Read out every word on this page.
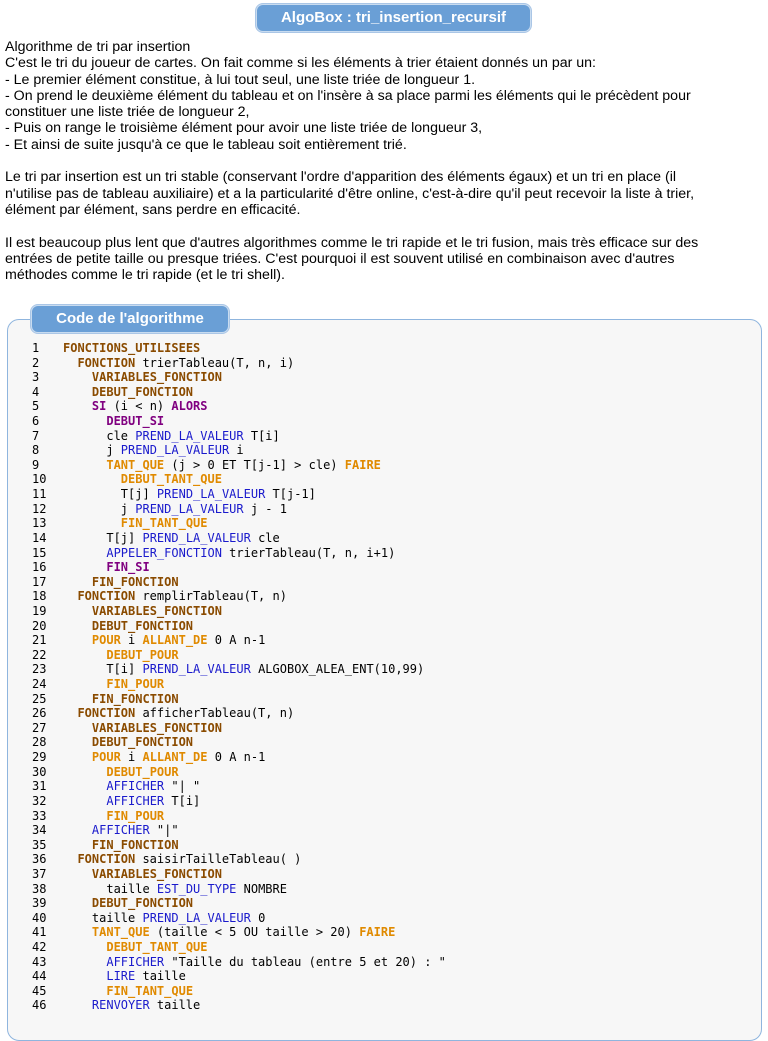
AlgoBox : tri_insertion_recursif

Algorithme de tri par insertion

C'est le tri du joueur de cartes. On fait comme si les éléments à trier étaient donnés un par un:

- Le premier élément constitue, à lui tout seul, une liste triée de longueur 1.

- On prend le deuxième élément du tableau et on l'insère à sa place parmi les éléments qui le précèdent pour

constituer une liste triée de longueur 2,

- Puis on range le troisième élément pour avoir une liste triée de longueur 3,

- Et ainsi de suite jusqu'à ce que le tableau soit entièrement trié.

Le tri par insertion est un tri stable (conservant l'ordre d'apparition des éléments égaux) et un tri en place (il

n'utilise pas de tableau auxiliaire) et a la particularité d'être online, c'est-à-dire qu'il peut recevoir la liste à trier,

élément par élément, sans perdre en efficacité.

Il est beaucoup plus lent que d'autres algorithmes comme le tri rapide et le tri fusion, mais très efficace sur des

entrées de petite taille ou presque triées. C'est pourquoi il est souvent utilisé en combinaison avec d'autres

méthodes comme le tri rapide (et le tri shell).

Code de l'algorithme
1	FONCTIONS_UTILISEES
2	FONCTION trierTableau(T, n, i)
3	VARIABLES_FONCTION
4	DEBUT_FONCTION
5	SI (i < n) ALORS
6	DEBUT_SI
7	cle PREND_LA_VALEUR T[i]
8	j PREND_LA_VALEUR i
9	TANT_QUE (j > 0 ET T[j-1] > cle) FAIRE
10	DEBUT_TANT_QUE
11	T[j] PREND_LA_VALEUR T[j-1]
12	j PREND_LA_VALEUR j - 1
13	FIN_TANT_QUE
14	T[j] PREND_LA_VALEUR cle
15	APPELER_FONCTION trierTableau(T, n, i+1)
16	FIN_SI
17	FIN_FONCTION
18	FONCTION remplirTableau(T, n)
19	VARIABLES_FONCTION
20	DEBUT_FONCTION
21	POUR i ALLANT_DE 0 A n-1
22	DEBUT_POUR
23	T[i] PREND_LA_VALEUR ALGOBOX_ALEA_ENT(10,99)
24	FIN_POUR
25	FIN_FONCTION
26	FONCTION afficherTableau(T, n)
27	VARIABLES_FONCTION
28	DEBUT_FONCTION
29	POUR i ALLANT_DE 0 A n-1
30	DEBUT_POUR
31	AFFICHER "| "
32	AFFICHER T[i]
33	FIN_POUR
34	AFFICHER "|"
35	FIN_FONCTION
36	FONCTION saisirTailleTableau( )
37	VARIABLES_FONCTION
38	taille EST_DU_TYPE NOMBRE
39	DEBUT_FONCTION
40	taille PREND_LA_VALEUR 0
41	TANT_QUE (taille < 5 OU taille > 20) FAIRE
42	DEBUT_TANT_QUE
43	AFFICHER "Taille du tableau (entre 5 et 20) : "
44	LIRE taille
45	FIN_TANT_QUE
46	RENVOYER taille
